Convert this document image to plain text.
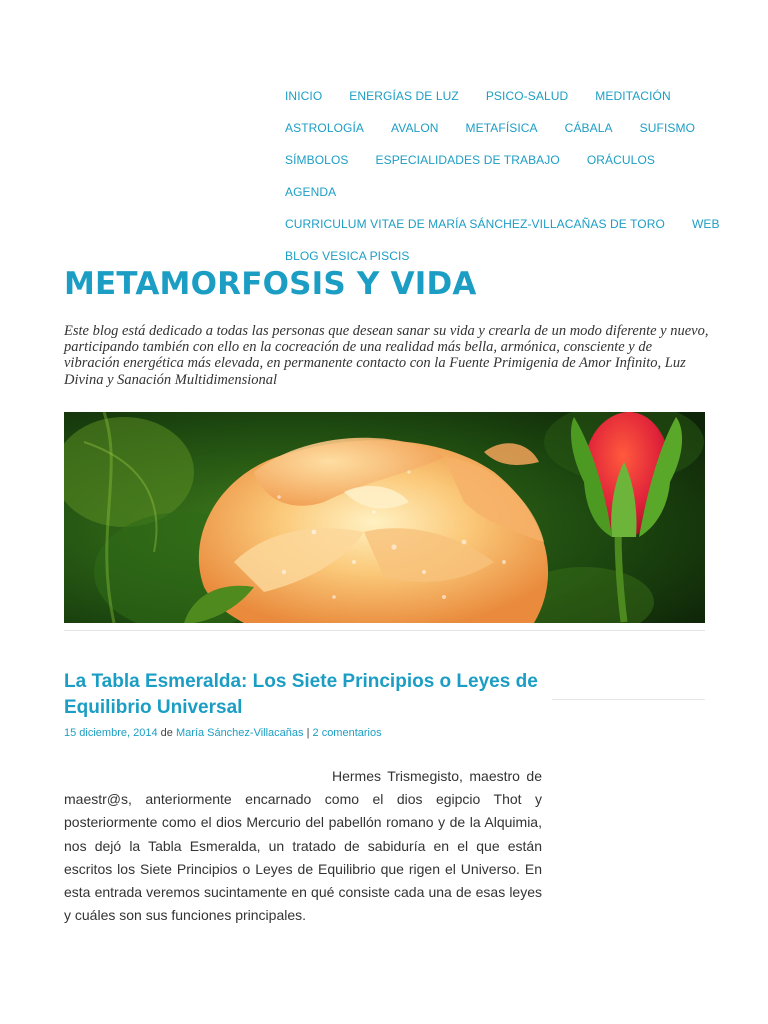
INICIO ENERGÍAS DE LUZ PSICO-SALUD MEDITACIÓN
ASTROLOGÍA AVALON METAFÍSICA CÁBALA SUFISMO
SÍMBOLOS ESPECIALIDADES DE TRABAJO ORÁCULOS
AGENDA
CURRICULUM VITAE DE MARÍA SÁNCHEZ-VILLACAÑAS DE TORO WEB
BLOG VESICA PISCIS
METAMORFOSIS Y VIDA

Este blog está dedicado a todas las personas que desean sanar su vida y crearla de un modo diferente y nuevo, participando también con ello en la cocreación de una realidad más bella, armónica, consciente y de vibración energética más elevada, en permanente contacto con la Fuente Primigenia de Amor Infinito, Luz Divina y Sanación Multidimensional

La Tabla Esmeralda: Los Siete Principios o Leyes de Equilibrio Universal
15 diciembre, 2014 de María Sánchez-Villacañas | 2 comentarios

Hermes Trismegisto, maestro de maestr@s, anteriormente encarnado como el dios egipcio Thot y posteriormente como el dios Mercurio del pabellón romano y de la Alquimia, nos dejó la Tabla Esmeralda, un tratado de sabiduría en el que están escritos los Siete Principios o Leyes de Equilibrio que rigen el Universo. En esta entrada veremos sucintamente en qué consiste cada una de esas leyes y cuáles son sus funciones principales.
